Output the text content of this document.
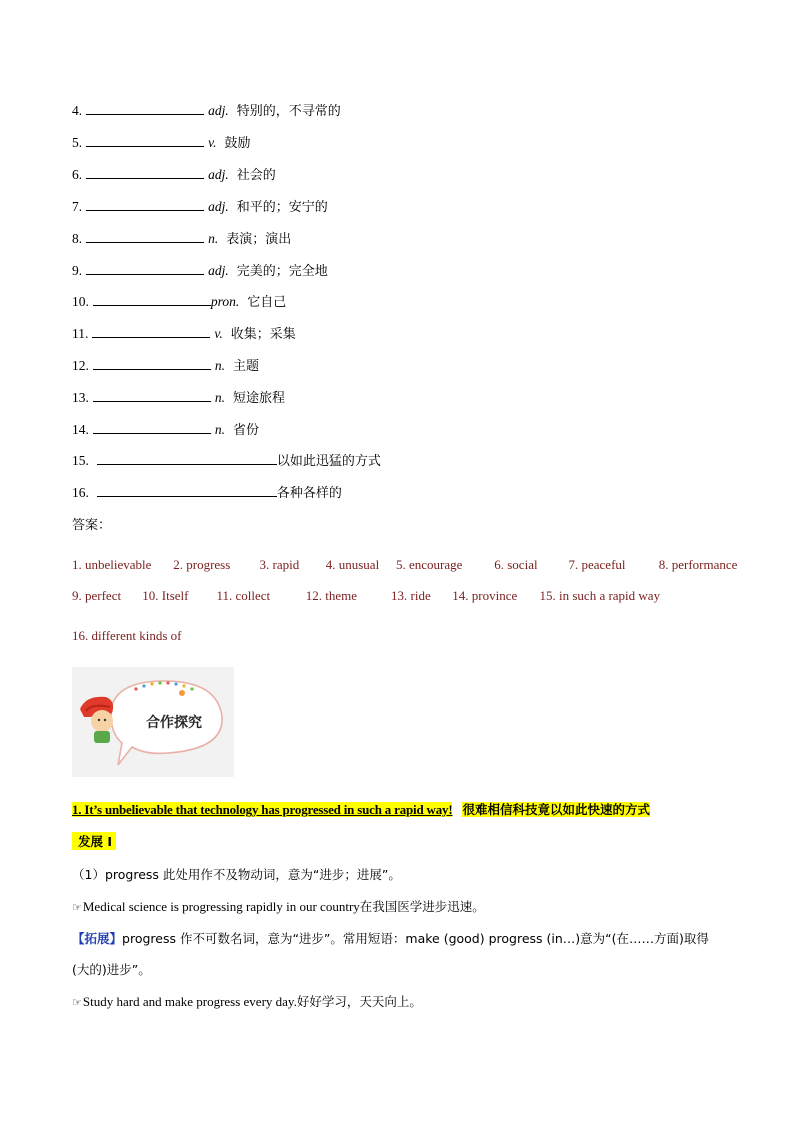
4.	adj. 特别的，不寻常的
5.	v. 鼓励
6.	adj. 社会的
7.	adj. 和平的；安宁的
8.	n. 表演；演出
9.	adj. 完美的；完全地
10.	pron. 它自己
11.	v. 收集；采集
12.	n. 主题
13.	n. 短途旅程
14.	n. 省份
15.	以如此迅猛的方式
16.	各种各样的
答案：
1. unbelievable 2. progress 3. rapid 4. unusual 5. encourage 6. social 7. peaceful	8. performance
9. perfect 10. Itself 11. collect	12. theme	13. ride 14. province 15. in such a rapid way
16. different kinds of
合作探究
1. It’s unbelievable that technology has progressed in such a rapid way! 很难相信科技竟以如此快速的方式
发展 I
（1）progress 此处用作不及物动词，意为“进步；进展”。
☞Medical science is progressing rapidly in our country在我国医学进步迅速。
【拓展】progress 作不可数名词，意为“进步”。常用短语：make (good) progress (in…)意为“(在……方面)取得
(大的)进步”。
☞Study hard and make progress every day.好好学习，天天向上。
